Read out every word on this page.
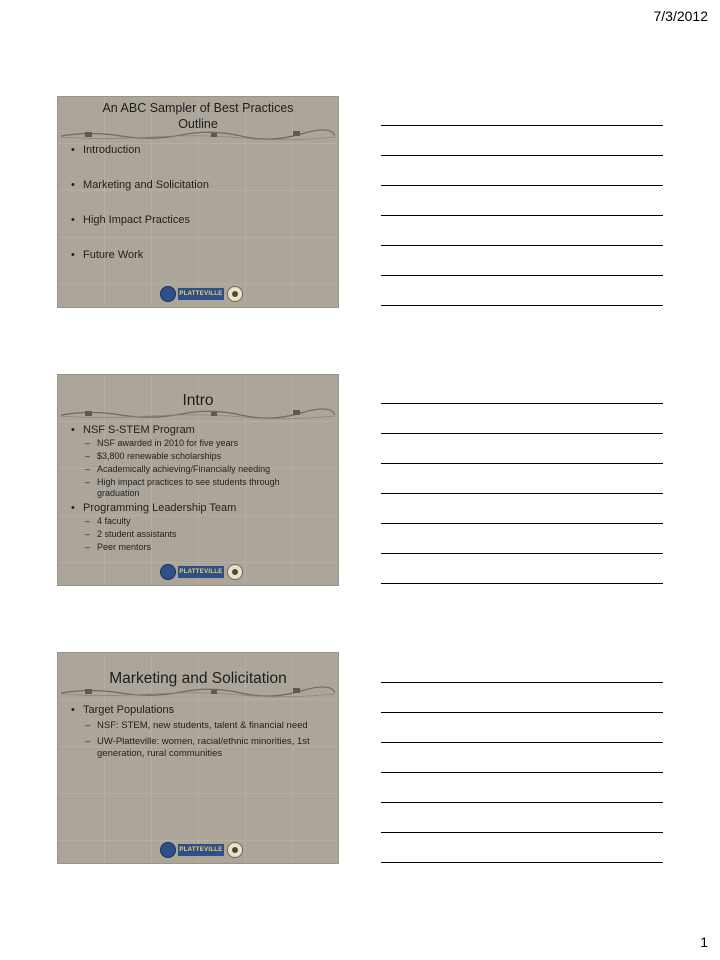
7/3/2012
An ABC Sampler of Best Practices
Outline
• Introduction
• Marketing and Solicitation
• High Impact Practices
• Future Work
PLATTEVILLE
Intro
• NSF S-STEM Program
– NSF awarded in 2010 for five years
– $3,800 renewable scholarships
– Academically achieving/Financially needing
– High impact practices to see students through graduation
• Programming Leadership Team
– 4 faculty
– 2 student assistants
– Peer mentors
PLATTEVILLE
Marketing and Solicitation
• Target Populations
– NSF: STEM, new students, talent & financial need
– UW-Platteville: women, racial/ethnic minorities, 1st generation, rural communities
PLATTEVILLE
1
